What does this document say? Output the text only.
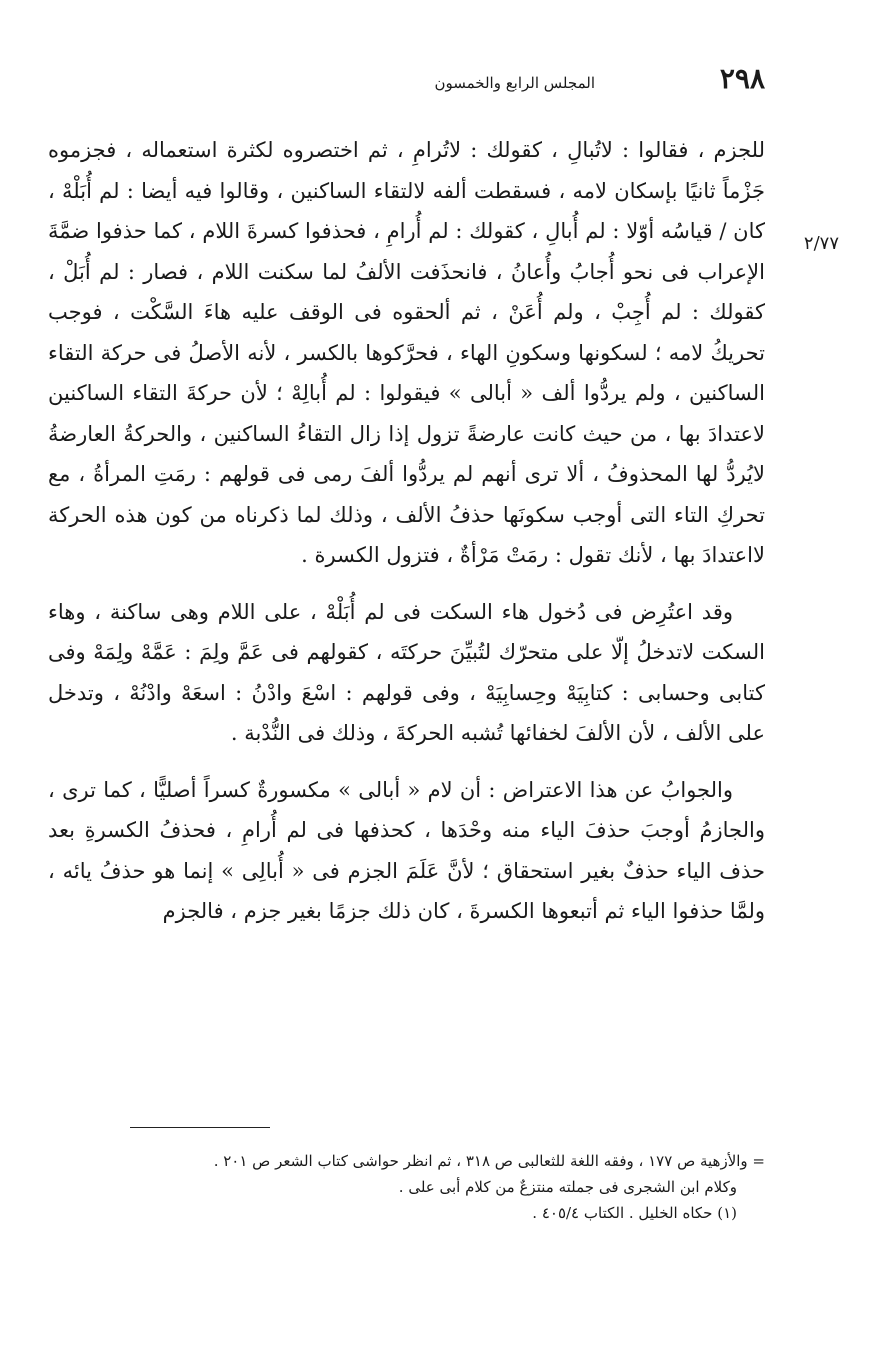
٢٩٨
المجلس الرابع والخمسون
٢/٧٧

للجزم ، فقالوا : لاتُبالِ ، كقولك : لاتُرامِ ، ثم اختصروه لكثرة استعماله ، فجزموه جَزْماً ثانيًا بإسكان لامه ، فسقطت ألفه لالتقاء الساكنين ، وقالوا فيه أيضا : لم أُبَلْهْ ، كان / قياسُه أوّلا : لم أُبالِ ، كقولك : لم أُرامِ ، فحذفوا كسرةَ اللام ، كما حذفوا ضمَّةَ الإعراب فى نحو أُجابُ وأُعانُ ، فانحذَفت الألفُ لما سكنت اللام ، فصار : لم أُبَلْ ، كقولك : لم أُجِبْ ، ولم أُعَنْ ، ثم ألحقوه فى الوقف عليه هاءَ السَّكْت ، فوجب تحريكُ لامه ؛ لسكونها وسكونِ الهاء ، فحرَّكوها بالكسر ، لأنه الأصلُ فى حركة التقاء الساكنين ، ولم يردُّوا ألف « أبالى » فيقولوا : لم أُبالِهْ ؛ لأن حركةَ التقاء الساكنين لاعتدادَ بها ، من حيث كانت عارضةً تزول إذا زال التقاءُ الساكنين ، والحركةُ العارضةُ لايُردُّ لها المحذوفُ ، ألا ترى أنهم لم يردُّوا ألفَ رمى فى قولهم : رمَتِ المرأةُ ، مع تحركِ التاء التى أوجب سكونَها حذفُ الألف ، وذلك لما ذكرناه من كون هذه الحركة لااعتدادَ بها ، لأنك تقول : رمَتْ مَرْأةٌ ، فتزول الكسرة .

وقد اعتُرِض فى دُخول هاء السكت فى لم أُبَلْهْ ، على اللام وهى ساكنة ، وهاء السكت لاتدخلُ إلّا على متحرّك لتُبيِّنَ حركتَه ، كقولهم فى عَمَّ ولِمَ : عَمَّهْ ولِمَهْ وفى كتابى وحسابى : كتابِيَهْ وحِسابِيَهْ ، وفى قولهم : اسْعَ وادْنُ : اسعَهْ وادْنُهْ ، وتدخل على الألف ، لأن الألفَ لخفائها تُشبه الحركةَ ، وذلك فى النُّدْبة .

والجوابُ عن هذا الاعتراض : أن لام « أبالى » مكسورةٌ كسراً أصليًّا ، كما ترى ، والجازمُ أوجبَ حذفَ الياء منه وحْدَها ، كحذفها فى لم أُرامِ ، فحذفُ الكسرةِ بعد حذف الياء حذفٌ بغير استحقاق ؛ لأنَّ عَلَمَ الجزم فى « أُبالِى » إنما هو حذفُ يائه ، ولمَّا حذفوا الياء ثم أتبعوها الكسرةَ ، كان ذلك جزمًا بغير جزم ، فالجزم

= والأزهية ص ١٧٧ ، وفقه اللغة للثعالبى ص ٣١٨ ، ثم انظر حواشى كتاب الشعر ص ٢٠١ .

وكلام ابن الشجرى فى جملته منتزعٌ من كلام أبى على .

(١) حكاه الخليل . الكتاب ٤٠٥/٤ .
